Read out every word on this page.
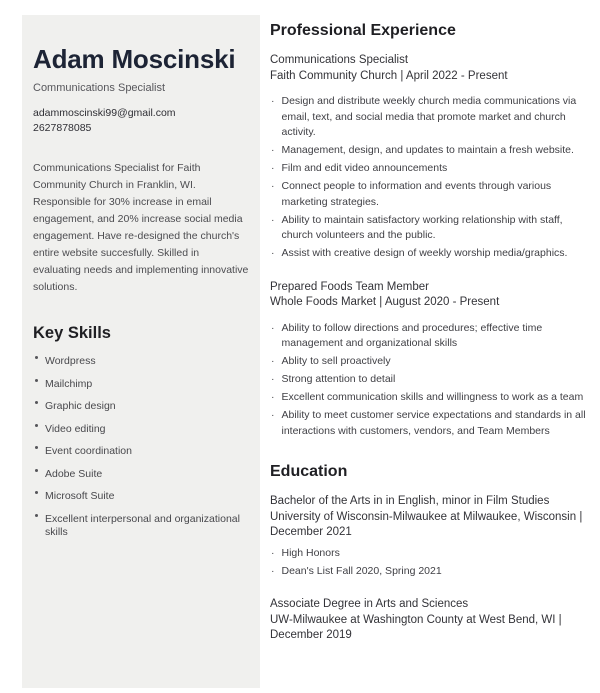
Adam Moscinski
Communications Specialist
adammoscinski99@gmail.com
2627878085

Communications Specialist for Faith Community Church in Franklin, WI. Responsible for 30% increase in email engagement, and 20% increase social media engagement. Have re-designed the church's entire website succesfully. Skilled in evaluating needs and implementing innovative solutions.

Key Skills
Wordpress
Mailchimp
Graphic design
Video editing
Event coordination
Adobe Suite
Microsoft Suite
Excellent interpersonal and organizational skills
Professional Experience
Communications Specialist
Faith Community Church | April 2022 - Present
· Design and distribute weekly church media communications via email, text, and social media that promote market and church activity.
· Management, design, and updates to maintain a fresh website.
· Film and edit video announcements
· Connect people to information and events through various marketing strategies.
· Ability to maintain satisfactory working relationship with staff, church volunteers and the public.
· Assist with creative design of weekly worship media/graphics.
Prepared Foods Team Member
Whole Foods Market | August 2020 - Present
· Ability to follow directions and procedures; effective time management and organizational skills
· Ablity to sell proactively
· Strong attention to detail
· Excellent communication skills and willingness to work as a team
· Ability to meet customer service expectations and standards in all interactions with customers, vendors, and Team Members
Education
Bachelor of the Arts in in English, minor in Film Studies
University of Wisconsin-Milwaukee at Milwaukee, Wisconsin | December 2021
· High Honors
· Dean's List Fall 2020, Spring 2021
Associate Degree in Arts and Sciences
UW-Milwaukee at Washington County at West Bend, WI | December 2019
